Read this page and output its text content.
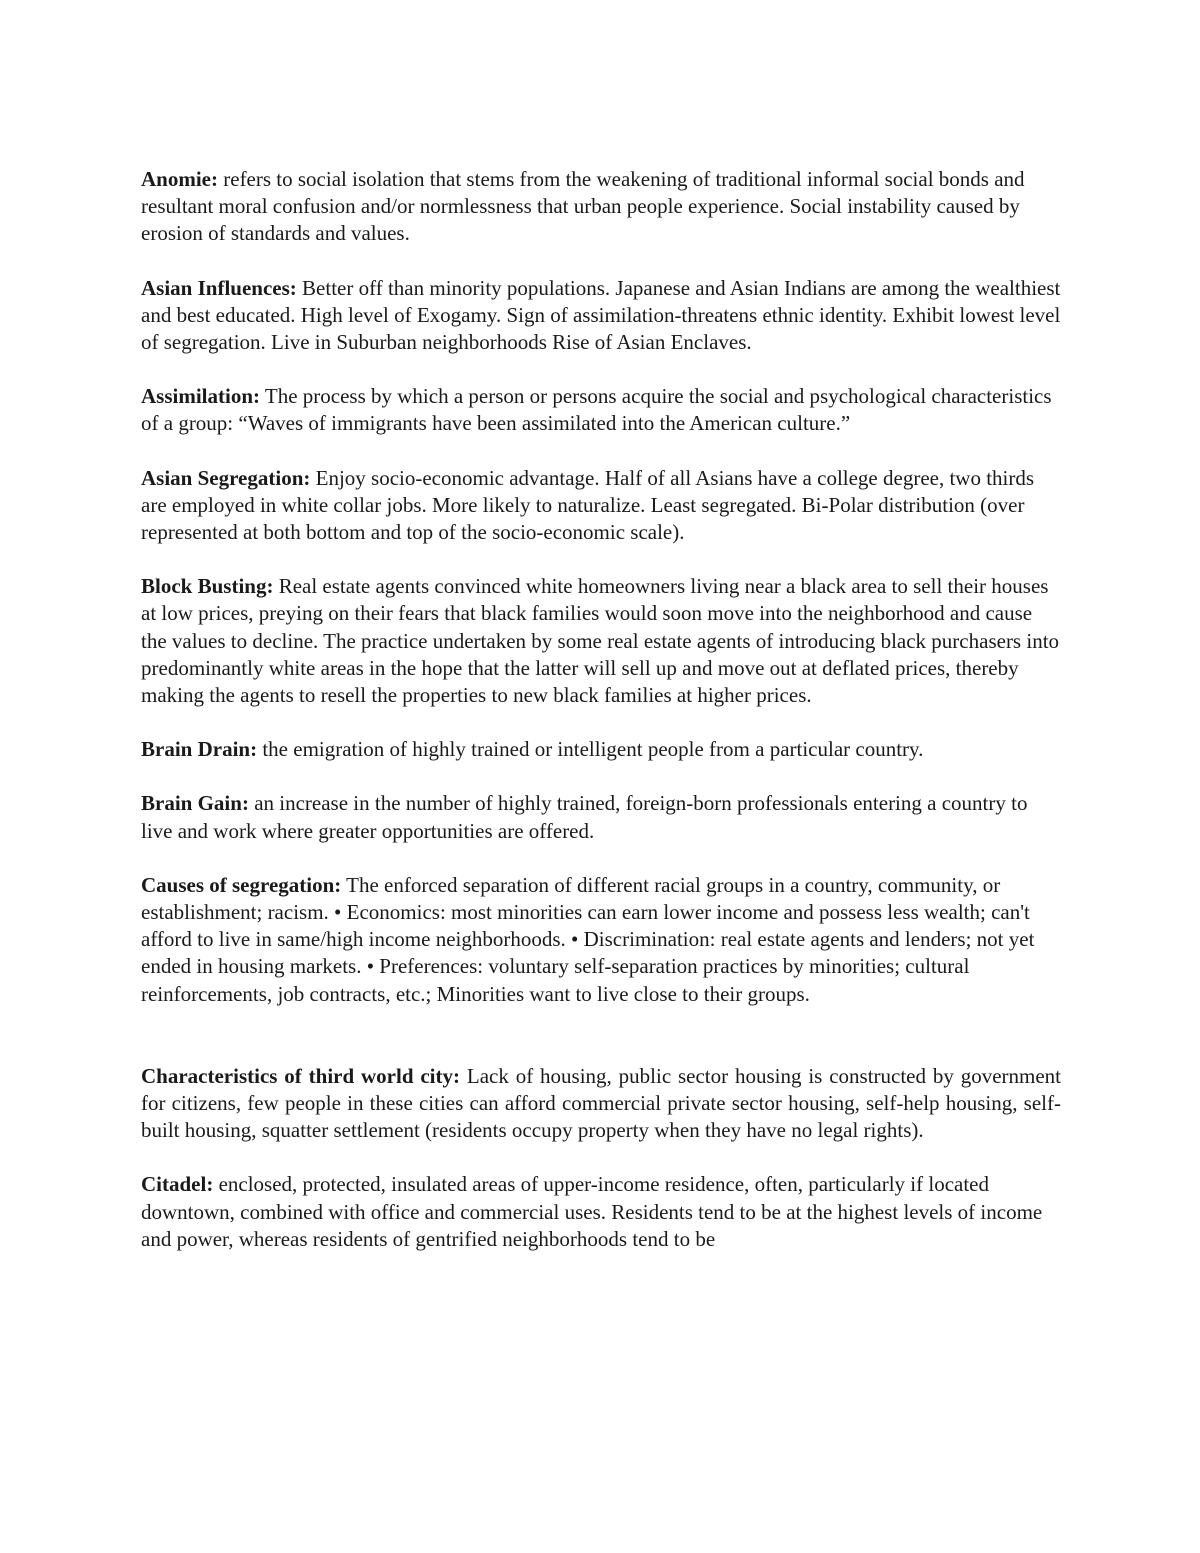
Anomie: refers to social isolation that stems from the weakening of traditional informal social bonds and resultant moral confusion and/or normlessness that urban people experience. Social instability caused by erosion of standards and values.

Asian Influences: Better off than minority populations. Japanese and Asian Indians are among the wealthiest and best educated. High level of Exogamy. Sign of assimilation-threatens ethnic identity. Exhibit lowest level of segregation. Live in Suburban neighborhoods Rise of Asian Enclaves.

Assimilation: The process by which a person or persons acquire the social and psychological characteristics of a group: “Waves of immigrants have been assimilated into the American culture.”

Asian Segregation: Enjoy socio-economic advantage. Half of all Asians have a college degree, two thirds are employed in white collar jobs. More likely to naturalize. Least segregated. Bi-Polar distribution (over represented at both bottom and top of the socio-economic scale).

Block Busting: Real estate agents convinced white homeowners living near a black area to sell their houses at low prices, preying on their fears that black families would soon move into the neighborhood and cause the values to decline. The practice undertaken by some real estate agents of introducing black purchasers into predominantly white areas in the hope that the latter will sell up and move out at deflated prices, thereby making the agents to resell the properties to new black families at higher prices.

Brain Drain: the emigration of highly trained or intelligent people from a particular country.

Brain Gain: an increase in the number of highly trained, foreign-born professionals entering a country to live and work where greater opportunities are offered.

Causes of segregation: The enforced separation of different racial groups in a country, community, or establishment; racism. • Economics: most minorities can earn lower income and possess less wealth; can't afford to live in same/high income neighborhoods. • Discrimination: real estate agents and lenders; not yet ended in housing markets. • Preferences: voluntary self-separation practices by minorities; cultural reinforcements, job contracts, etc.; Minorities want to live close to their groups.

Characteristics of third world city: Lack of housing, public sector housing is constructed by government for citizens, few people in these cities can afford commercial private sector housing, self-help housing, self-built housing, squatter settlement (residents occupy property when they have no legal rights).

Citadel: enclosed, protected, insulated areas of upper-income residence, often, particularly if located downtown, combined with office and commercial uses. Residents tend to be at the highest levels of income and power, whereas residents of gentrified neighborhoods tend to be
